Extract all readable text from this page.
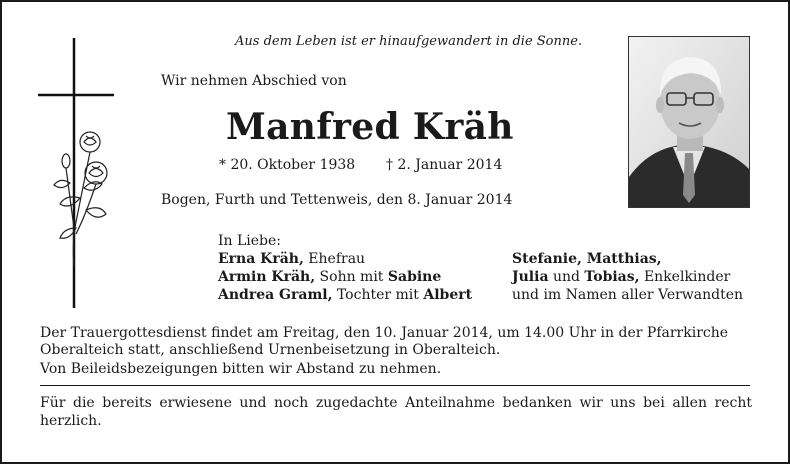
Aus dem Leben ist er hinaufgewandert in die Sonne.
Wir nehmen Abschied von
Manfred Kräh
* 20. Oktober 1938 † 2. Januar 2014
Bogen, Furth und Tettenweis, den 8. Januar 2014
In Liebe:
Erna Kräh, Ehefrau
Armin Kräh, Sohn mit Sabine
Andrea Graml, Tochter mit Albert
Stefanie, Matthias,
Julia und Tobias, Enkelkinder
und im Namen aller Verwandten
Der Trauergottesdienst findet am Freitag, den 10. Januar 2014, um 14.00 Uhr in der Pfarrkirche Oberalteich statt, anschließend Urnenbeisetzung in Oberalteich.
Von Beileidsbezeigungen bitten wir Abstand zu nehmen.
Für die bereits erwiesene und noch zugedachte Anteilnahme bedanken wir uns bei allen recht herzlich.
